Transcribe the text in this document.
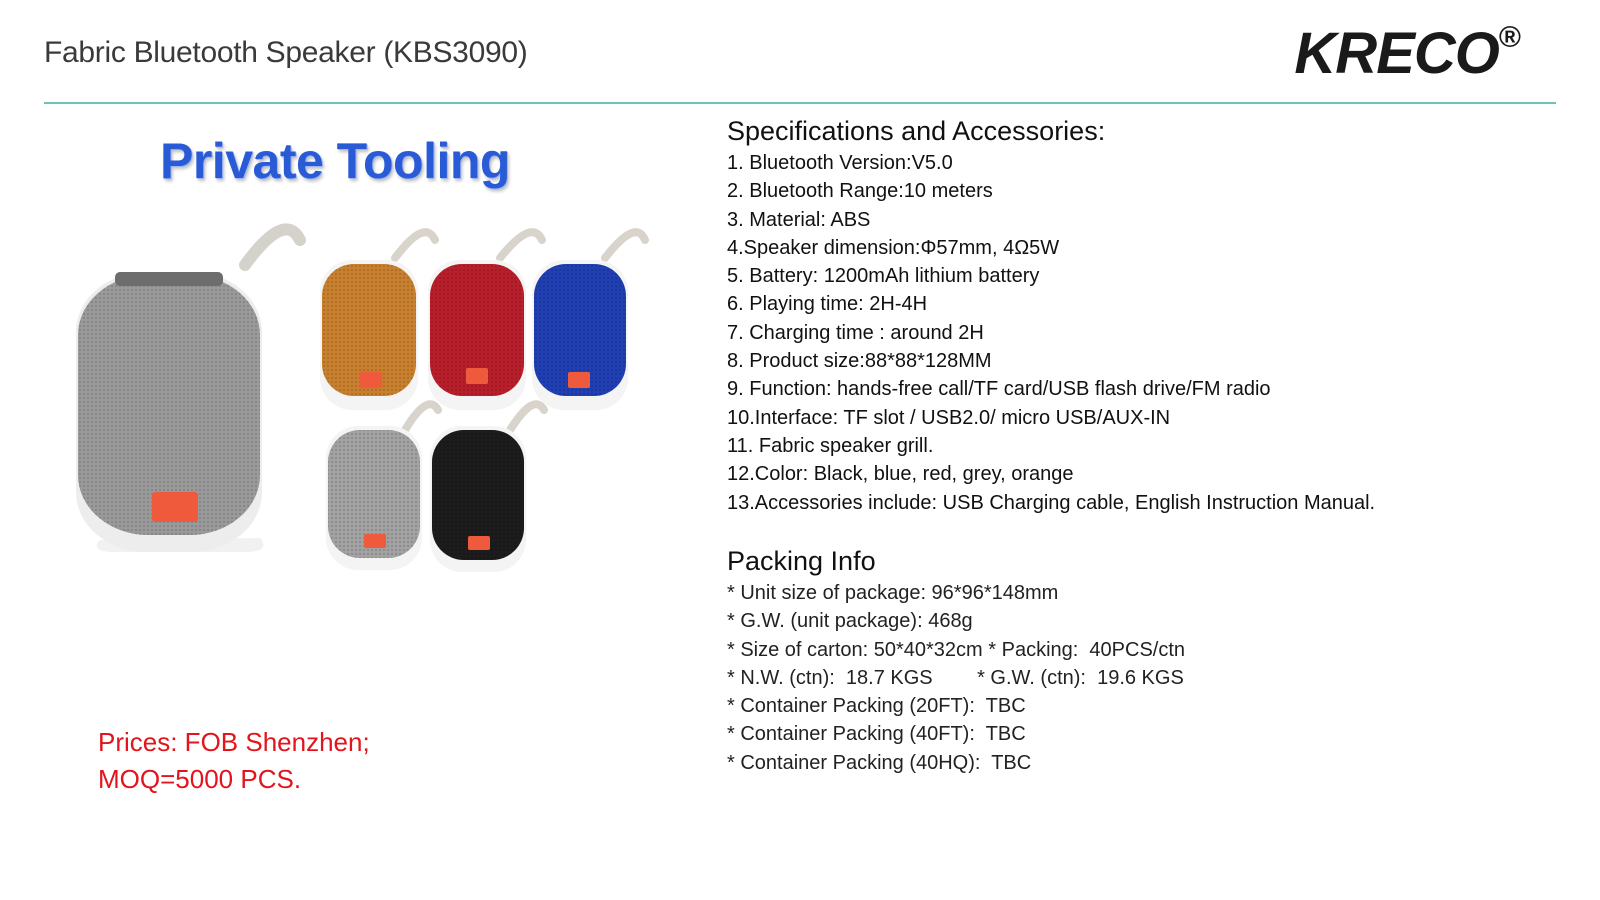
Fabric Bluetooth Speaker (KBS3090)	KRECO®
Private Tooling
Prices: FOB Shenzhen;
MOQ=5000 PCS.
Specifications and Accessories:
1. Bluetooth Version:V5.0
2. Bluetooth Range:10 meters
3. Material: ABS
4.Speaker dimension:Φ57mm, 4Ω5W
5. Battery: 1200mAh lithium battery
6. Playing time: 2H-4H
7. Charging time : around 2H
8. Product size:88*88*128MM
9. Function: hands-free call/TF card/USB flash drive/FM radio
10.Interface: TF slot / USB2.0/ micro USB/AUX-IN
11. Fabric speaker grill.
12.Color: Black, blue, red, grey, orange
13.Accessories include: USB Charging cable, English Instruction Manual.
Packing Info
* Unit size of package: 96*96*148mm
* G.W. (unit package): 468g
* Size of carton: 50*40*32cm * Packing:  40PCS/ctn
* N.W. (ctn):  18.7 KGS        * G.W. (ctn):  19.6 KGS
* Container Packing (20FT):  TBC
* Container Packing (40FT):  TBC
* Container Packing (40HQ):  TBC
